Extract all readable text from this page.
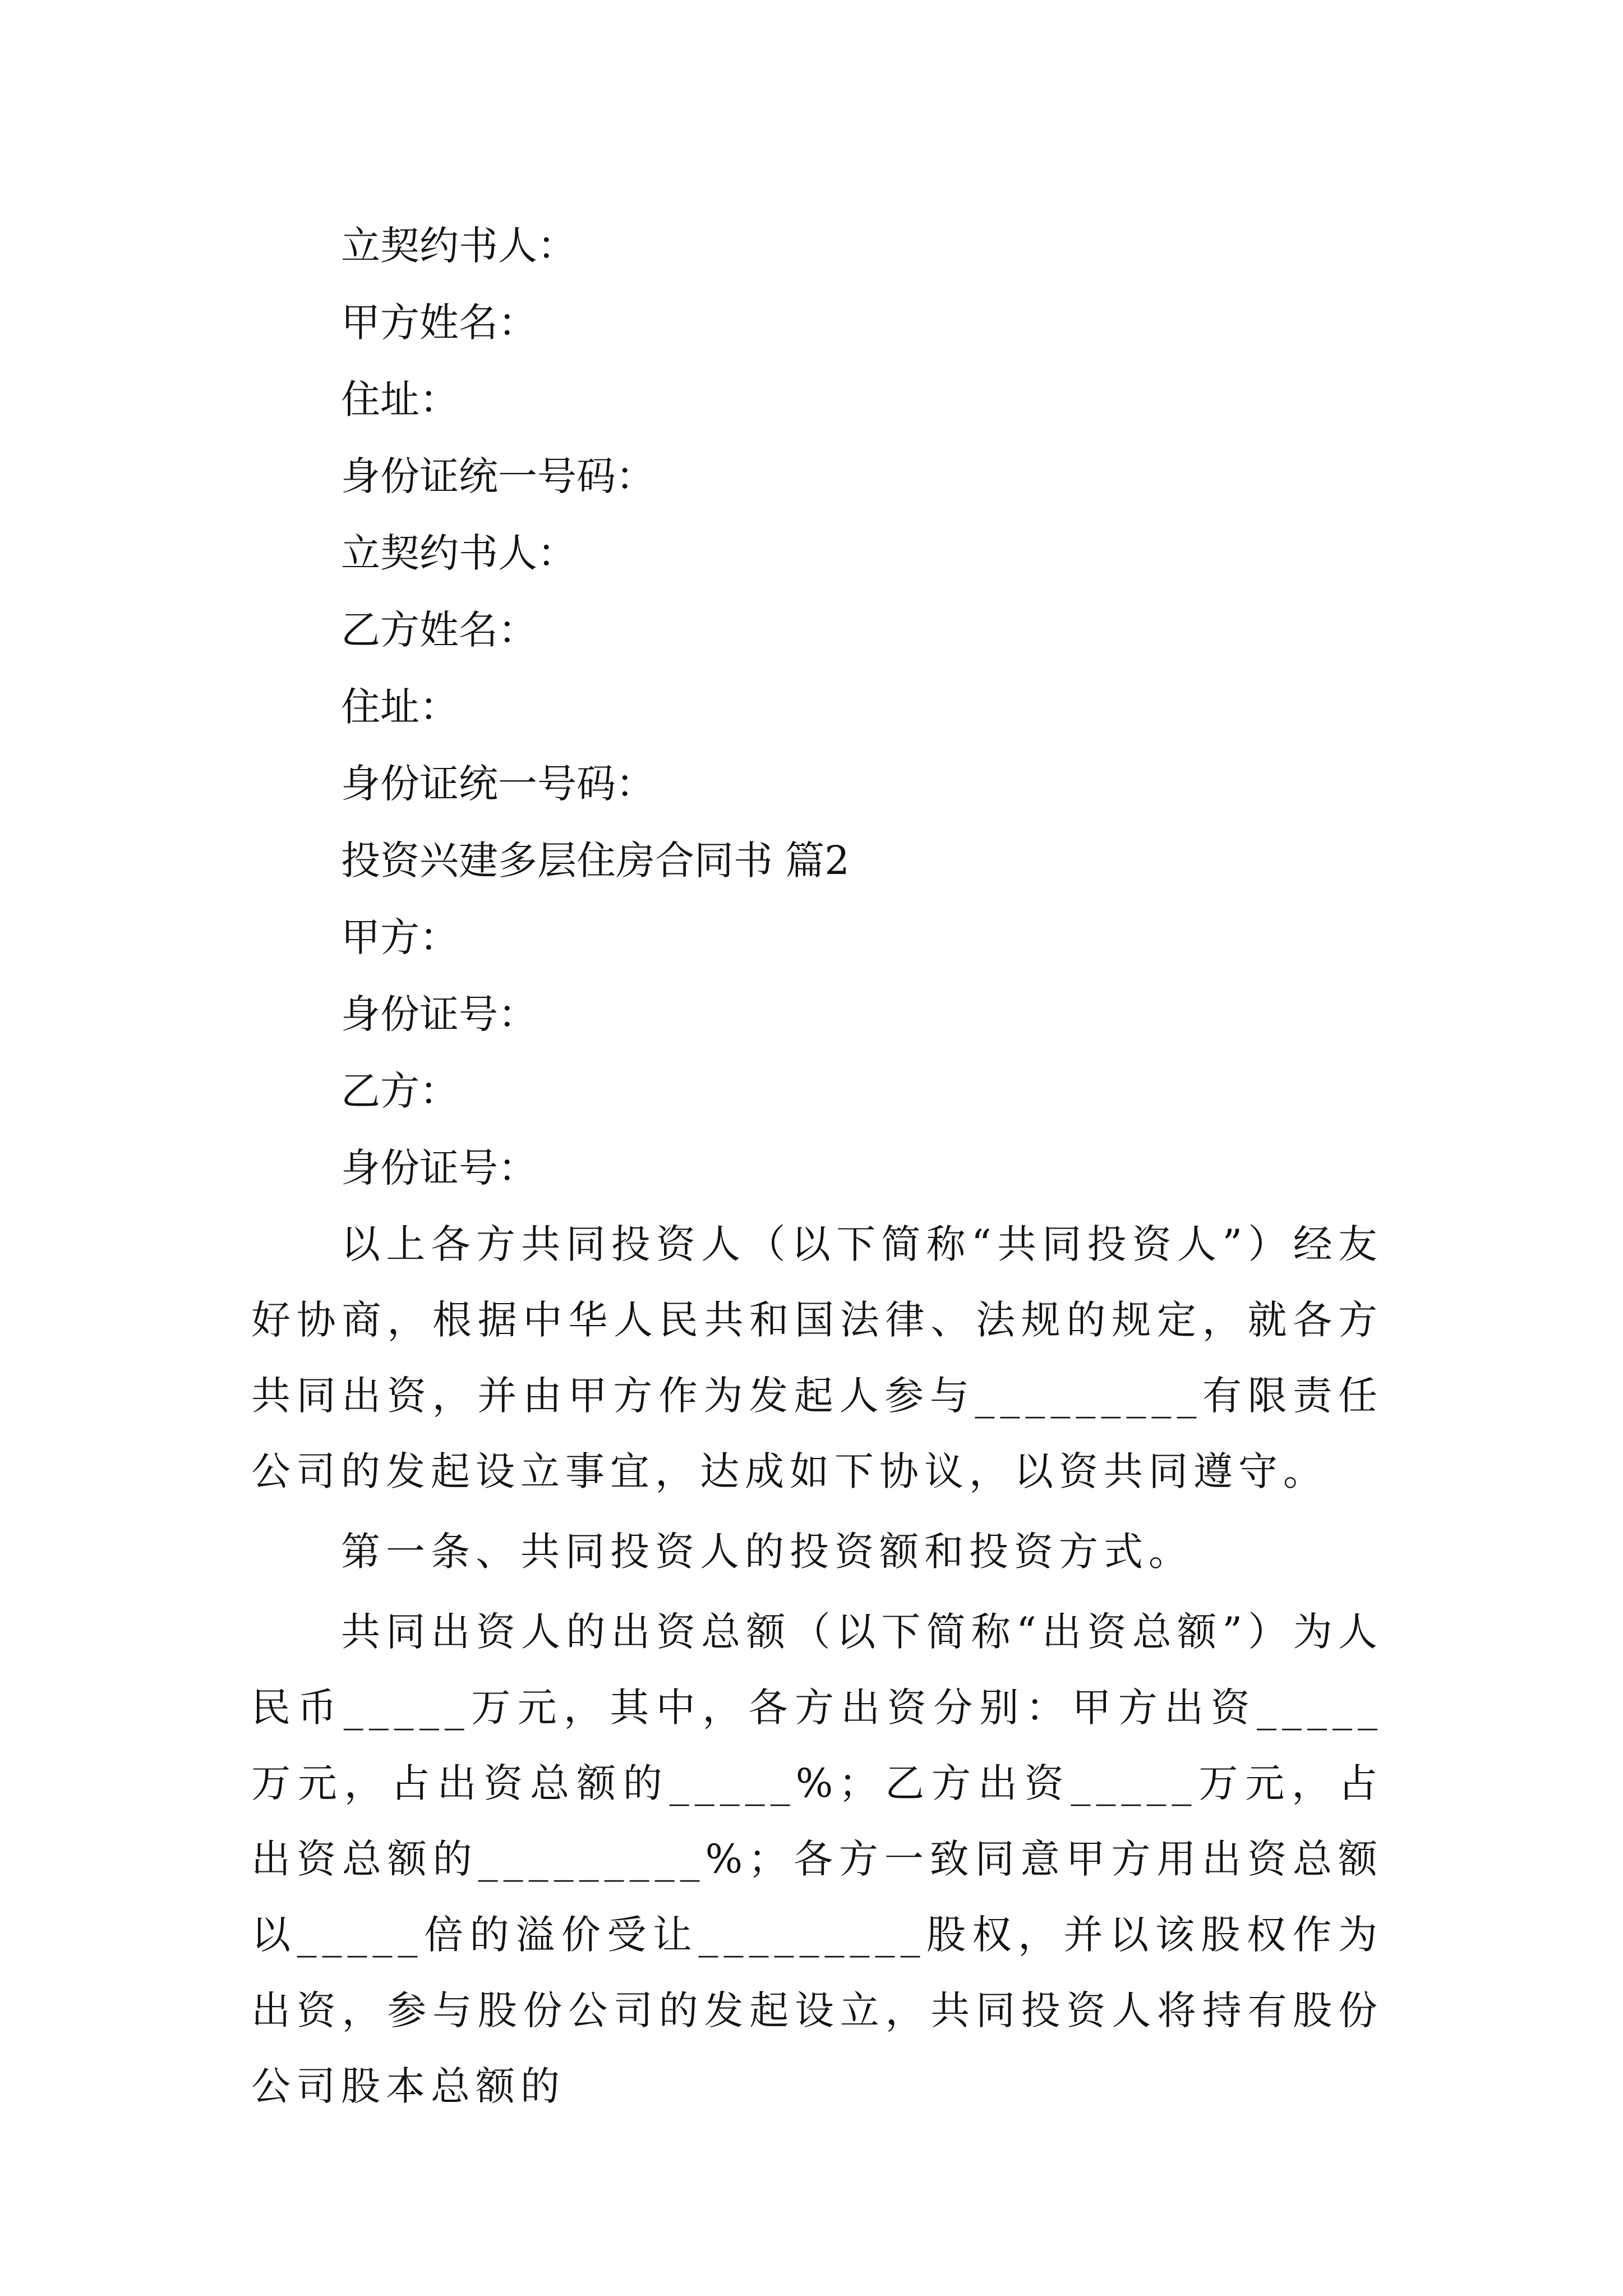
立契约书人：
甲方姓名：
住址：
身份证统一号码：
立契约书人：
乙方姓名：
住址：
身份证统一号码：
投资兴建多层住房合同书 篇2
甲方：
身份证号：
乙方：
身份证号：

以上各方共同投资人（以下简称“共同投资人”）经友好协商，根据中华人民共和国法律、法规的规定，就各方共同出资，并由甲方作为发起人参与_________有限责任公司的发起设立事宜，达成如下协议，以资共同遵守。

第一条、共同投资人的投资额和投资方式。

共同出资人的出资总额（以下简称“出资总额”）为人民币_____万元，其中，各方出资分别：甲方出资_____万元，占出资总额的_____%；乙方出资_____万元，占出资总额的_________%；各方一致同意甲方用出资总额以_____倍的溢价受让_________股权，并以该股权作为出资，参与股份公司的发起设立，共同投资人将持有股份公司股本总额的
